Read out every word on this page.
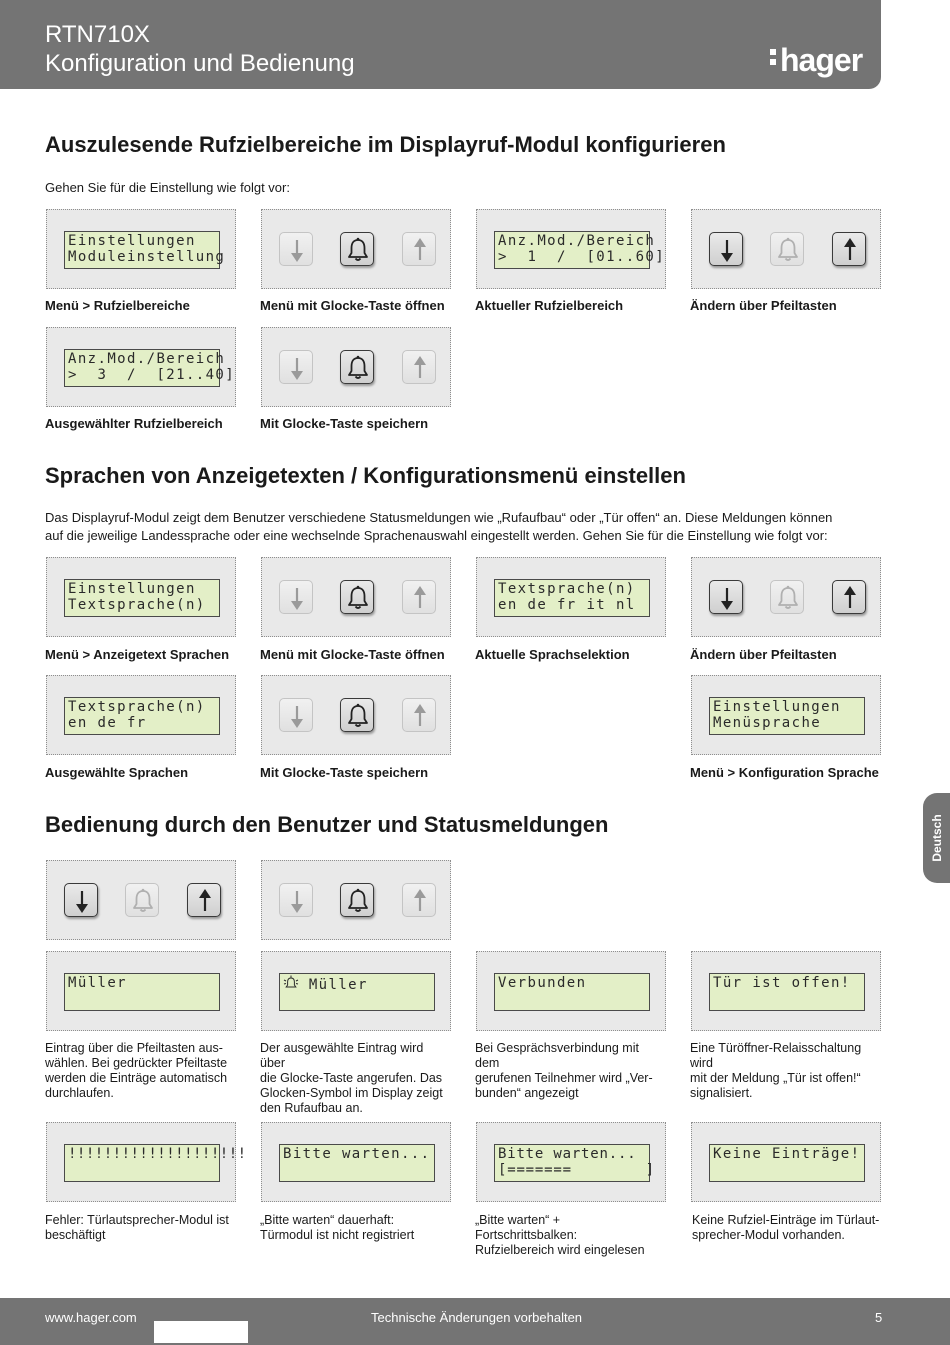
RTN710X
Konfiguration und Bedienung	hager
Deutsch
Auszulesende Rufzielbereiche im Displayruf-Modul konfigurieren

Gehen Sie für die Einstellung wie folgt vor:

Einstellungen
Moduleinstellung
Anz.Mod./Bereich
>  1  /  [01..60]

Menü > Rufzielbereiche	Menü mit Glocke-Taste öffnen Aktueller Rufzielbereich	Ändern über Pfeiltasten

Anz.Mod./Bereich
>  3  /  [21..40]

Ausgewählter Rufzielbereich	Mit Glocke-Taste speichern

Sprachen von Anzeigetexten / Konfigurationsmenü einstellen

Das Displayruf-Modul zeigt dem Benutzer verschiedene Statusmeldungen wie „Rufaufbau“ oder „Tür offen“ an. Diese Meldungen können
auf die jeweilige Landessprache oder eine wechselnde Sprachenauswahl eingestellt werden. Gehen Sie für die Einstellung wie folgt vor:

Einstellungen
Textsprache(n)
Textsprache(n)
en de fr it nl

Menü > Anzeigetext Sprachen Menü mit Glocke-Taste öffnen Aktuelle Sprachselektion	Ändern über Pfeiltasten

Textsprache(n)
en de fr
Einstellungen
Menüsprache

Ausgewählte Sprachen	Mit Glocke-Taste speichern	Menü > Konfiguration Sprache

Bedienung durch den Benutzer und Statusmeldungen
Müller	Müller	Verbunden	Tür ist offen!

Eintrag über die Pfeiltasten aus-
wählen. Bei gedrückter Pfeiltaste
werden die Einträge automatisch
durchlaufen.

Der ausgewählte Eintrag wird über
die Glocke-Taste angerufen. Das
Glocken-Symbol im Display zeigt
den Rufaufbau an.

Bei Gesprächsverbindung mit dem
gerufenen Teilnehmer wird „Ver-
bunden“ angezeigt

Eine Türöffner-Relaisschaltung wird
mit der Meldung „Tür ist offen!“
signalisiert.

!!!!!!!!!!!!!!!!!!!!	Bitte warten...	Bitte warten...
[=======        ]
Keine Einträge!

Fehler: Türlautsprecher-Modul ist
beschäftigt

„Bitte warten“ dauerhaft:
Türmodul ist nicht registriert

„Bitte warten“ + Fortschrittsbalken:
Rufzielbereich wird eingelesen

Keine Rufziel-Einträge im Türlaut-
sprecher-Modul vorhanden.

www.hager.com	Technische Änderungen vorbehalten	5
